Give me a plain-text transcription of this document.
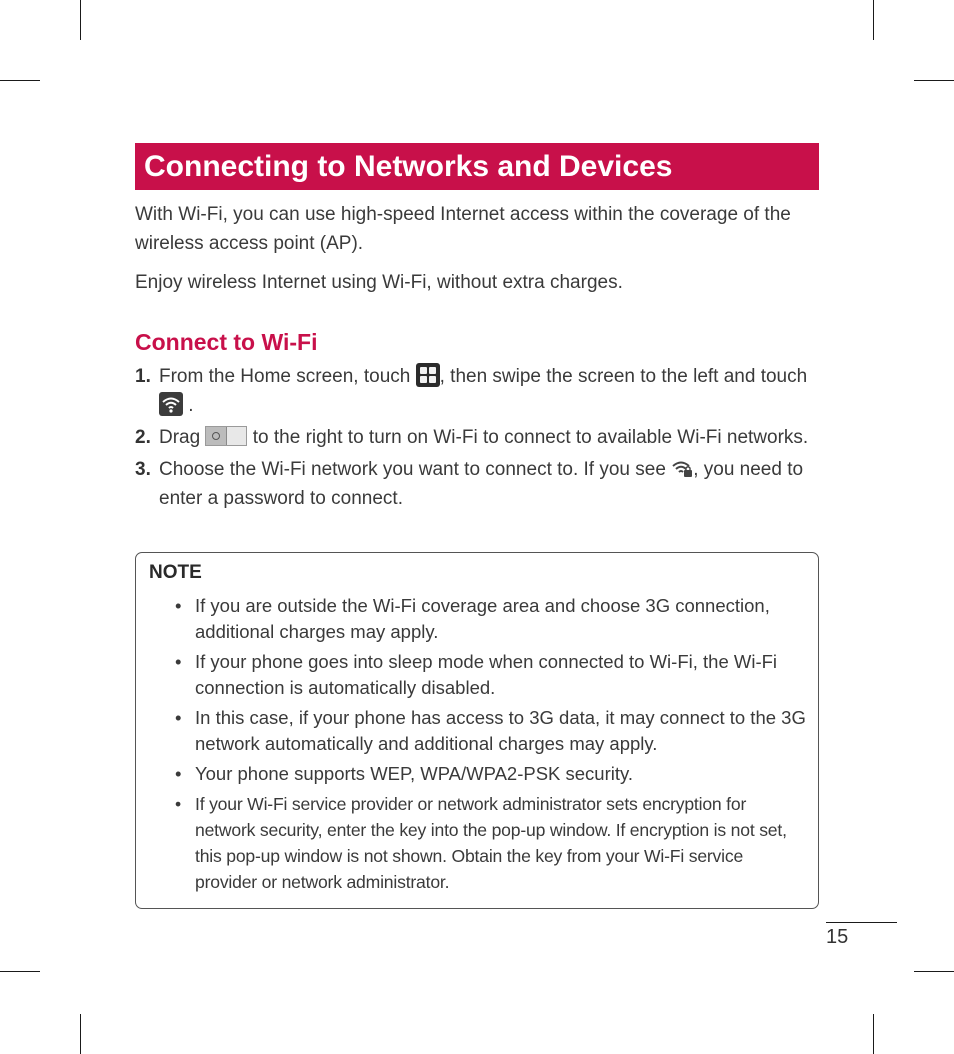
Connecting to Networks and Devices

With Wi-Fi, you can use high-speed Internet access within the coverage of the wireless access point (AP).

Enjoy wireless Internet using Wi-Fi, without extra charges.

Connect to Wi-Fi
1. From the Home screen, touch
, then swipe the screen to the left and touch  .
2. Drag
to the right to turn on Wi-Fi to connect to available Wi-Fi networks.
3. Choose the Wi-Fi network you want to connect to. If you see , you need to enter a password to connect.

NOTE

• If you are outside the Wi-Fi coverage area and choose 3G connection, additional charges may apply.
• If your phone goes into sleep mode when connected to Wi-Fi, the Wi-Fi connection is automatically disabled.
• In this case, if your phone has access to 3G data, it may connect to the 3G network automatically and additional charges may apply.
• Your phone supports WEP, WPA/WPA2-PSK security.
• If your Wi-Fi service provider or network administrator sets encryption for network security, enter the key into the pop-up window. If encryption is not set, this pop-up window is not shown. Obtain the key from your Wi-Fi service provider or network administrator.

15
